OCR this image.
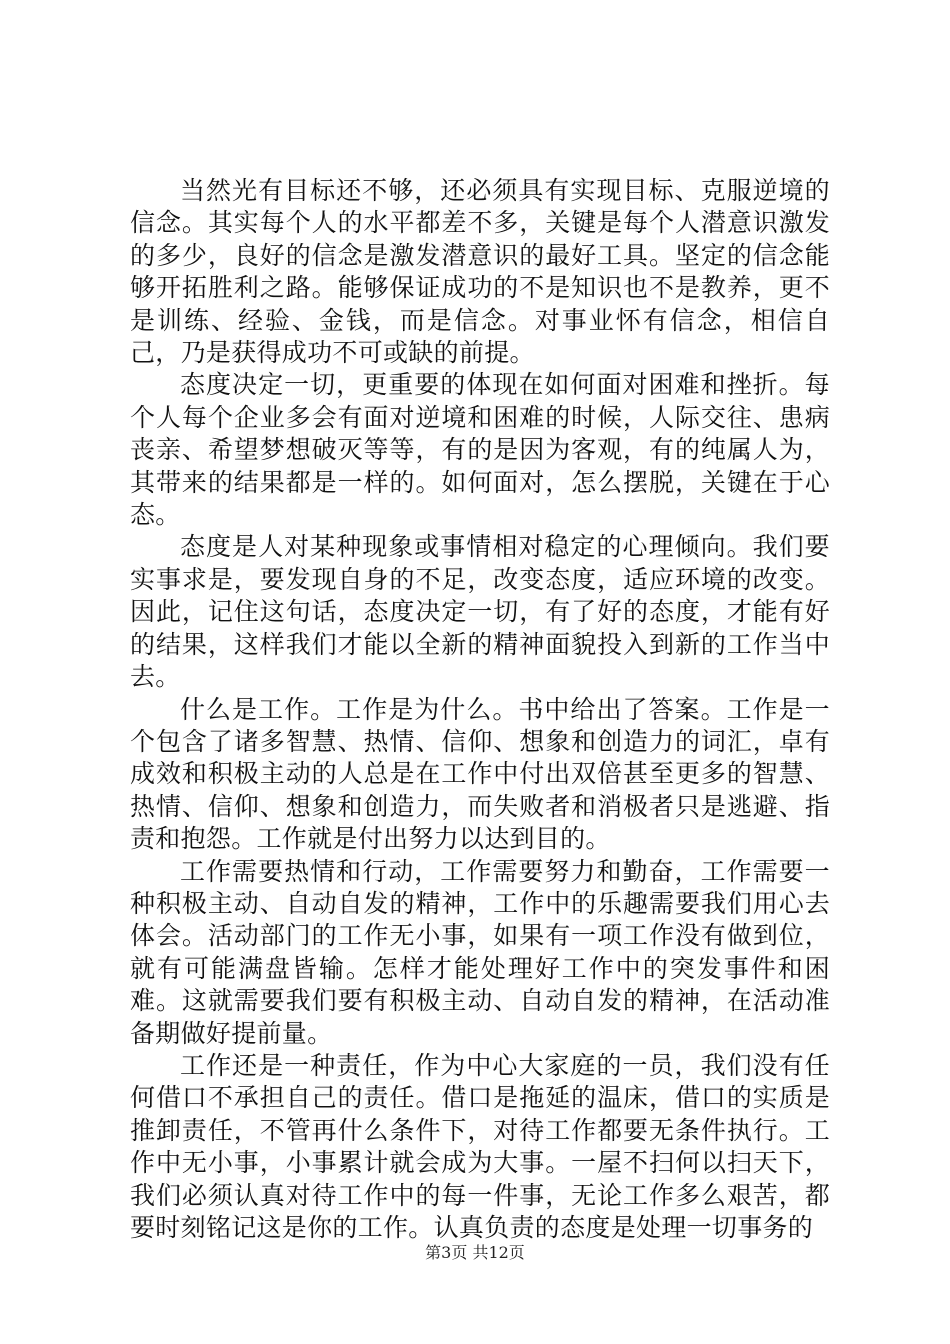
当然光有目标还不够，还必须具有实现目标、克服逆境的信念。其实每个人的水平都差不多，关键是每个人潜意识激发的多少，良好的信念是激发潜意识的最好工具。坚定的信念能够开拓胜利之路。能够保证成功的不是知识也不是教养，更不是训练、经验、金钱，而是信念。对事业怀有信念，相信自己，乃是获得成功不可或缺的前提。

态度决定一切，更重要的体现在如何面对困难和挫折。每个人每个企业多会有面对逆境和困难的时候，人际交往、患病丧亲、希望梦想破灭等等，有的是因为客观，有的纯属人为，其带来的结果都是一样的。如何面对，怎么摆脱，关键在于心态。

态度是人对某种现象或事情相对稳定的心理倾向。我们要实事求是，要发现自身的不足，改变态度，适应环境的改变。因此，记住这句话，态度决定一切，有了好的态度，才能有好的结果，这样我们才能以全新的精神面貌投入到新的工作当中去。

什么是工作。工作是为什么。书中给出了答案。工作是一个包含了诸多智慧、热情、信仰、想象和创造力的词汇，卓有成效和积极主动的人总是在工作中付出双倍甚至更多的智慧、热情、信仰、想象和创造力，而失败者和消极者只是逃避、指责和抱怨。工作就是付出努力以达到目的。

工作需要热情和行动，工作需要努力和勤奋，工作需要一种积极主动、自动自发的精神，工作中的乐趣需要我们用心去体会。活动部门的工作无小事，如果有一项工作没有做到位，就有可能满盘皆输。怎样才能处理好工作中的突发事件和困难。这就需要我们要有积极主动、自动自发的精神，在活动准备期做好提前量。

工作还是一种责任，作为中心大家庭的一员，我们没有任何借口不承担自己的责任。借口是拖延的温床，借口的实质是推卸责任，不管再什么条件下，对待工作都要无条件执行。工作中无小事，小事累计就会成为大事。一屋不扫何以扫天下，我们必须认真对待工作中的每一件事，无论工作多么艰苦，都要时刻铭记这是你的工作。认真负责的态度是处理一切事务的

第3页 共12页
